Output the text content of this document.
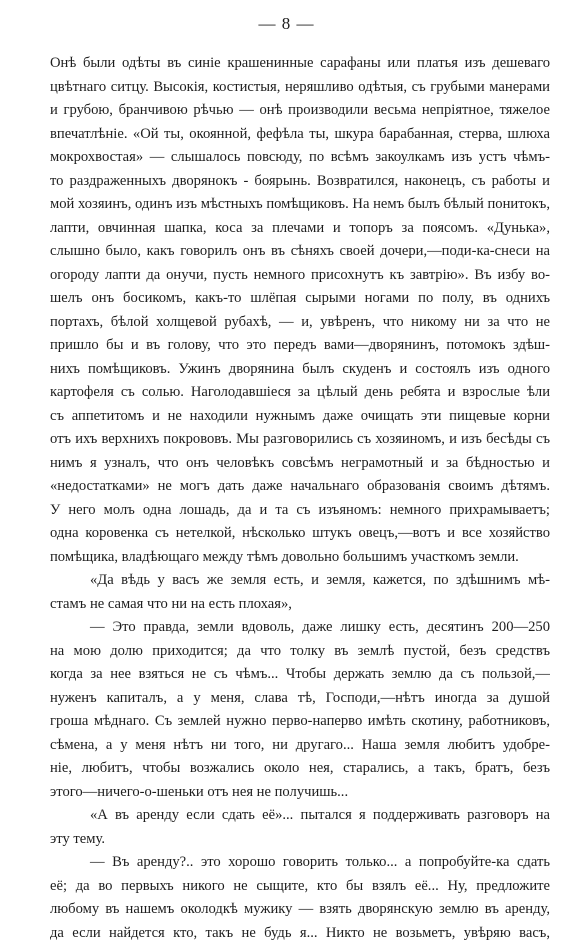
— 8 —
Онѣ были одѣты въ синіе крашенинные сарафаны или платья изъ дешеваго
цвѣтнаго ситцу. Высокія, костистыя, неряшливо одѣтыя, съ грубыми манерами
и грубою, бранчивою рѣчью — онѣ производили весьма непріятное, тяжелое
впечатлѣніе. «Ой ты, окоянной, фефѣла ты, шкура барабанная, стерва, шлюха
мокрохвостая» — слышалось повсюду, по всѣмъ закоулкамъ изъ устъ чѣмъ-
то раздраженныхъ дворянокъ - боярынь. Возвратился, наконецъ, съ работы и
мой хозяинъ, одинъ изъ мѣстныхъ помѣщиковъ. На немъ былъ бѣлый понитокъ,
лапти, овчинная шапка, коса за плечами и топоръ за поясомъ. «Дунька»,
слышно было, какъ говорилъ онъ въ сѣняхъ своей дочери,—поди-ка-снеси на
огороду лапти да онучи, пусть немного присохнутъ къ завтрію». Въ избу во-
шелъ онъ босикомъ, какъ-то шлёпая сырыми ногами по полу, въ однихъ
портахъ, бѣлой холщевой рубахѣ, — и, увѣренъ, что никому ни за что не
пришло бы и въ голову, что это передъ вами—дворянинъ, потомокъ здѣш-
нихъ помѣщиковъ. Ужинъ дворянина былъ скуденъ и состоялъ изъ одного
картофеля съ солью. Наголодавшіеся за цѣлый день ребята и взрослые ѣли
съ аппетитомъ и не находили нужнымъ даже очищать эти пищевые корни
отъ ихъ верхнихъ покрововъ. Мы разговорились съ хозяиномъ, и изъ бесѣды съ
нимъ я узналъ, что онъ человѣкъ совсѣмъ неграмотный и за бѣдностью и
«недостатками» не могъ дать даже начальнаго образованія своимъ дѣтямъ.
У него молъ одна лошадь, да и та съ изъяномъ: немного прихрамываетъ;
одна коровенка съ нетелкой, нѣсколько штукъ овецъ,—вотъ и все хозяйство
помѣщика, владѣющаго между тѣмъ довольно большимъ участкомъ земли.
«Да вѣдь у васъ же земля есть, и земля, кажется, по здѣшнимъ мѣ-
стамъ не самая что ни на есть плохая»,
— Это правда, земли вдоволь, даже лишку есть, десятинъ 200—250
на мою долю приходится; да что толку въ землѣ пустой, безъ средствъ
когда за нее взяться не съ чѣмъ... Чтобы держать землю да съ пользой,—
нуженъ капиталъ, а у меня, слава тѣ, Господи,—нѣтъ иногда за душой
гроша мѣднаго. Съ землей нужно перво-наперво имѣть скотину, работниковъ,
сѣмена, а у меня нѣтъ ни того, ни другаго... Наша земля любитъ удобре-
ніе, любитъ, чтобы возжались около нея, старались, а такъ, братъ, безъ
этого—ничего-о-шеньки отъ нея не получишь...
«А въ аренду если сдать её»... пытался я поддерживать разговоръ на
эту тему.
— Въ аренду?.. это хорошо говорить только... а попробуйте-ка сдать
её; да во первыхъ никого не сыщите, кто бы взялъ её... Ну, предложите
любому въ нашемъ околодкѣ мужику — взять дворянскую землю въ аренду,
да если найдется кто, такъ не будь я... Никто не возьметъ, увѣряю васъ,
